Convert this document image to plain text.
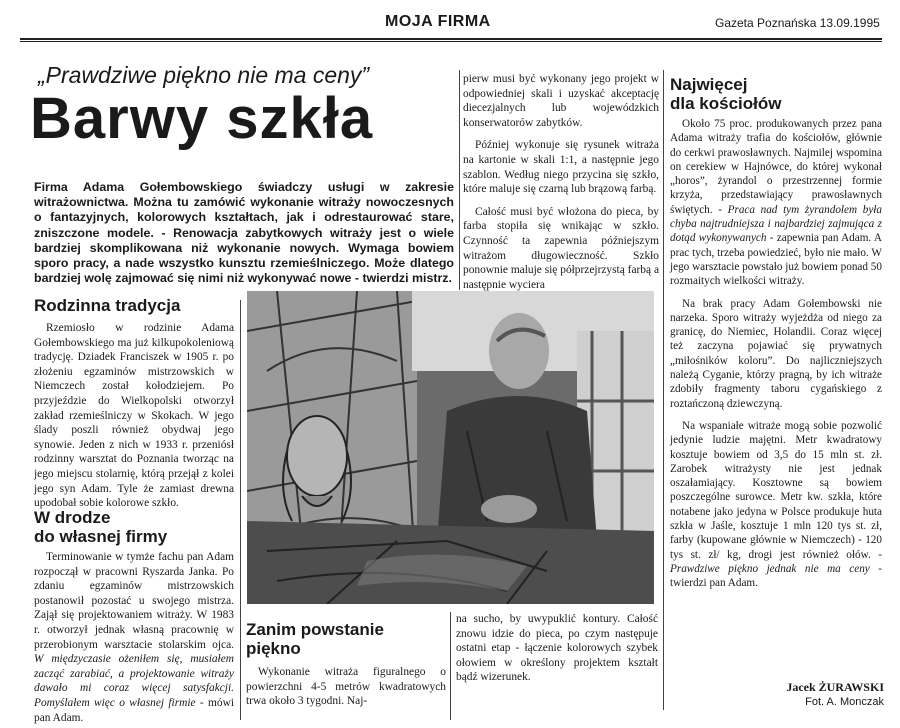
MOJA FIRMA	Gazeta Poznańska 13.09.1995
„Prawdziwe piękno nie ma ceny”
Barwy szkła
Firma Adama Gołembowskiego świadczy usługi w zakresie witrażownictwa. Można tu zamówić wykonanie witraży nowoczesnych o fantazyjnych, kolorowych kształtach, jak i odrestaurować stare, zniszczone modele. - Renowacja zabytkowych witraży jest o wiele bardziej skomplikowana niż wykonanie nowych. Wymaga bowiem sporo pracy, a nade wszystko kunsztu rzemieślniczego. Może dlatego bardziej wolę zajmować się nimi niż wykonywać nowe - twierdzi mistrz.
Rodzinna tradycja

Rzemiosło w rodzinie Adama Gołembowskiego ma już kilkupokoleniową tradycję. Dziadek Franciszek w 1905 r. po złożeniu egzaminów mistrzowskich w Niemczech został kołodziejem. Po przyjeździe do Wielkopolski otworzył zakład rzemieślniczy w Skokach. W jego ślady poszli również obydwaj jego synowie. Jeden z nich w 1933 r. przeniósł rodzinny warsztat do Poznania tworząc na jego miejscu stolarnię, którą przejął z kolei jego syn Adam. Tyle że zamiast drewna upodobał sobie kolorowe szkło.

W drodze
do własnej firmy

Terminowanie w tymże fachu pan Adam rozpoczął w pracowni Ryszarda Janka. Po zdaniu egzaminów mistrzowskich postanowił pozostać u swojego mistrza. Zajął się projektowaniem witraży. W 1983 r. otworzył jednak własną pracownię w przerobionym warsztacie stolarskim ojca. W międzyczasie ożeniłem się, musiałem zacząć zarabiać, a projektowanie witraży dawało mi coraz więcej satysfakcji. Pomyślałem więc o własnej firmie - mówi pan Adam.

pierw musi być wykonany jego projekt w odpowiedniej skali i uzyskać akceptację diecezjalnych lub wojewódzkich konserwatorów zabytków.

Później wykonuje się rysunek witraża na kartonie w skali 1:1, a następnie jego szablon. Według niego przycina się szkło, które maluje się czarną lub brązową farbą.

Całość musi być włożona do pieca, by farba stopiła się wnikając w szkło. Czynność ta zapewnia późniejszym witrażom długowieczność. Szkło ponownie maluje się półprzejrzystą farbą a następnie wyciera

Zanim powstanie
piękno

Wykonanie witraża figuralnego o powierzchni 4-5 metrów kwadratowych trwa około 3 tygodni. Naj-

na sucho, by uwypuklić kontury. Całość znowu idzie do pieca, po czym następuje ostatni etap - łączenie kolorowych szybek ołowiem w określony projektem kształt bądź wizerunek.

Najwięcej
dla kościołów

Około 75 proc. produkowanych przez pana Adama witraży trafia do kościołów, głównie do cerkwi prawosławnych. Najmilej wspomina on cerekiew w Hajnówce, do której wykonał „horos”, żyrandol o przestrzennej formie krzyża, przedstawiający prawosławnych świętych. - Praca nad tym żyrandolem była chyba najtrudniejsza i najbardziej zajmująca z dotąd wykonywanych - zapewnia pan Adam. A prac tych, trzeba powiedzieć, było nie mało. W jego warsztacie powstało już bowiem ponad 50 rozmaitych wielkości witraży.

Na brak pracy Adam Gołembowski nie narzeka. Sporo witraży wyjeżdża od niego za granicę, do Niemiec, Holandii. Coraz więcej też zaczyna pojawiać się prywatnych „miłośników koloru”. Do najliczniejszych należą Cyganie, którzy pragną, by ich witraże zdobiły fragmenty taboru cygańskiego z roztańczoną dziewczyną.

Na wspaniałe witraże mogą sobie pozwolić jedynie ludzie majętni. Metr kwadratowy kosztuje bowiem od 3,5 do 15 mln st. zł. Zarobek witrażysty nie jest jednak oszałamiający. Kosztowne są bowiem poszczególne surowce. Metr kw. szkła, które notabene jako jedyna w Polsce produkuje huta szkła w Jaśle, kosztuje 1 mln 120 tys st. zł, farby (kupowane głównie w Niemczech) - 120 tys st. zł/ kg, drogi jest również ołów. - Prawdziwe piękno jednak nie ma ceny - twierdzi pan Adam.

Jacek ŻURAWSKI
Fot. A. Monczak
